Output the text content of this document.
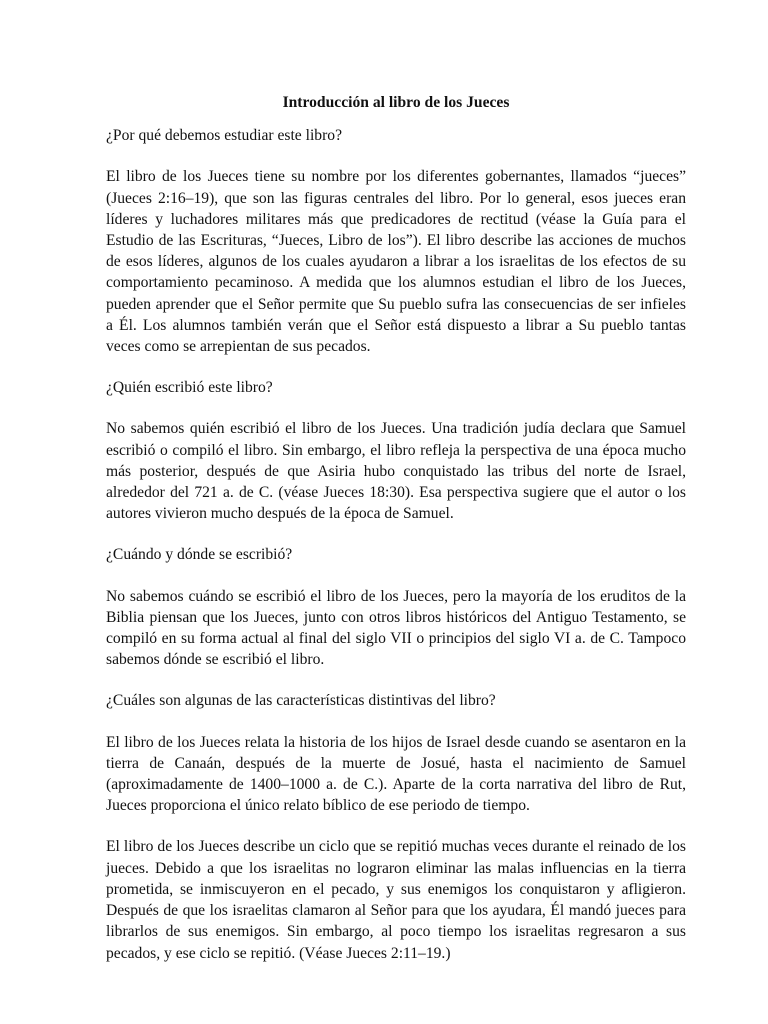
Introducción al libro de los Jueces
¿Por qué debemos estudiar este libro?
El libro de los Jueces tiene su nombre por los diferentes gobernantes, llamados “jueces” (Jueces 2:16–19), que son las figuras centrales del libro. Por lo general, esos jueces eran líderes y luchadores militares más que predicadores de rectitud (véase la Guía para el Estudio de las Escrituras, “Jueces, Libro de los”). El libro describe las acciones de muchos de esos líderes, algunos de los cuales ayudaron a librar a los israelitas de los efectos de su comportamiento pecaminoso. A medida que los alumnos estudian el libro de los Jueces, pueden aprender que el Señor permite que Su pueblo sufra las consecuencias de ser infieles a Él. Los alumnos también verán que el Señor está dispuesto a librar a Su pueblo tantas veces como se arrepientan de sus pecados.
¿Quién escribió este libro?
No sabemos quién escribió el libro de los Jueces. Una tradición judía declara que Samuel escribió o compiló el libro. Sin embargo, el libro refleja la perspectiva de una época mucho más posterior, después de que Asiria hubo conquistado las tribus del norte de Israel, alrededor del 721 a. de C. (véase Jueces 18:30). Esa perspectiva sugiere que el autor o los autores vivieron mucho después de la época de Samuel.
¿Cuándo y dónde se escribió?
No sabemos cuándo se escribió el libro de los Jueces, pero la mayoría de los eruditos de la Biblia piensan que los Jueces, junto con otros libros históricos del Antiguo Testamento, se compiló en su forma actual al final del siglo VII o principios del siglo VI a. de C. Tampoco sabemos dónde se escribió el libro.
¿Cuáles son algunas de las características distintivas del libro?
El libro de los Jueces relata la historia de los hijos de Israel desde cuando se asentaron en la tierra de Canaán, después de la muerte de Josué, hasta el nacimiento de Samuel (aproximadamente de 1400–1000 a. de C.). Aparte de la corta narrativa del libro de Rut, Jueces proporciona el único relato bíblico de ese periodo de tiempo.
El libro de los Jueces describe un ciclo que se repitió muchas veces durante el reinado de los jueces. Debido a que los israelitas no lograron eliminar las malas influencias en la tierra prometida, se inmiscuyeron en el pecado, y sus enemigos los conquistaron y afligieron. Después de que los israelitas clamaron al Señor para que los ayudara, Él mandó jueces para librarlos de sus enemigos. Sin embargo, al poco tiempo los israelitas regresaron a sus pecados, y ese ciclo se repitió. (Véase Jueces 2:11–19.)
